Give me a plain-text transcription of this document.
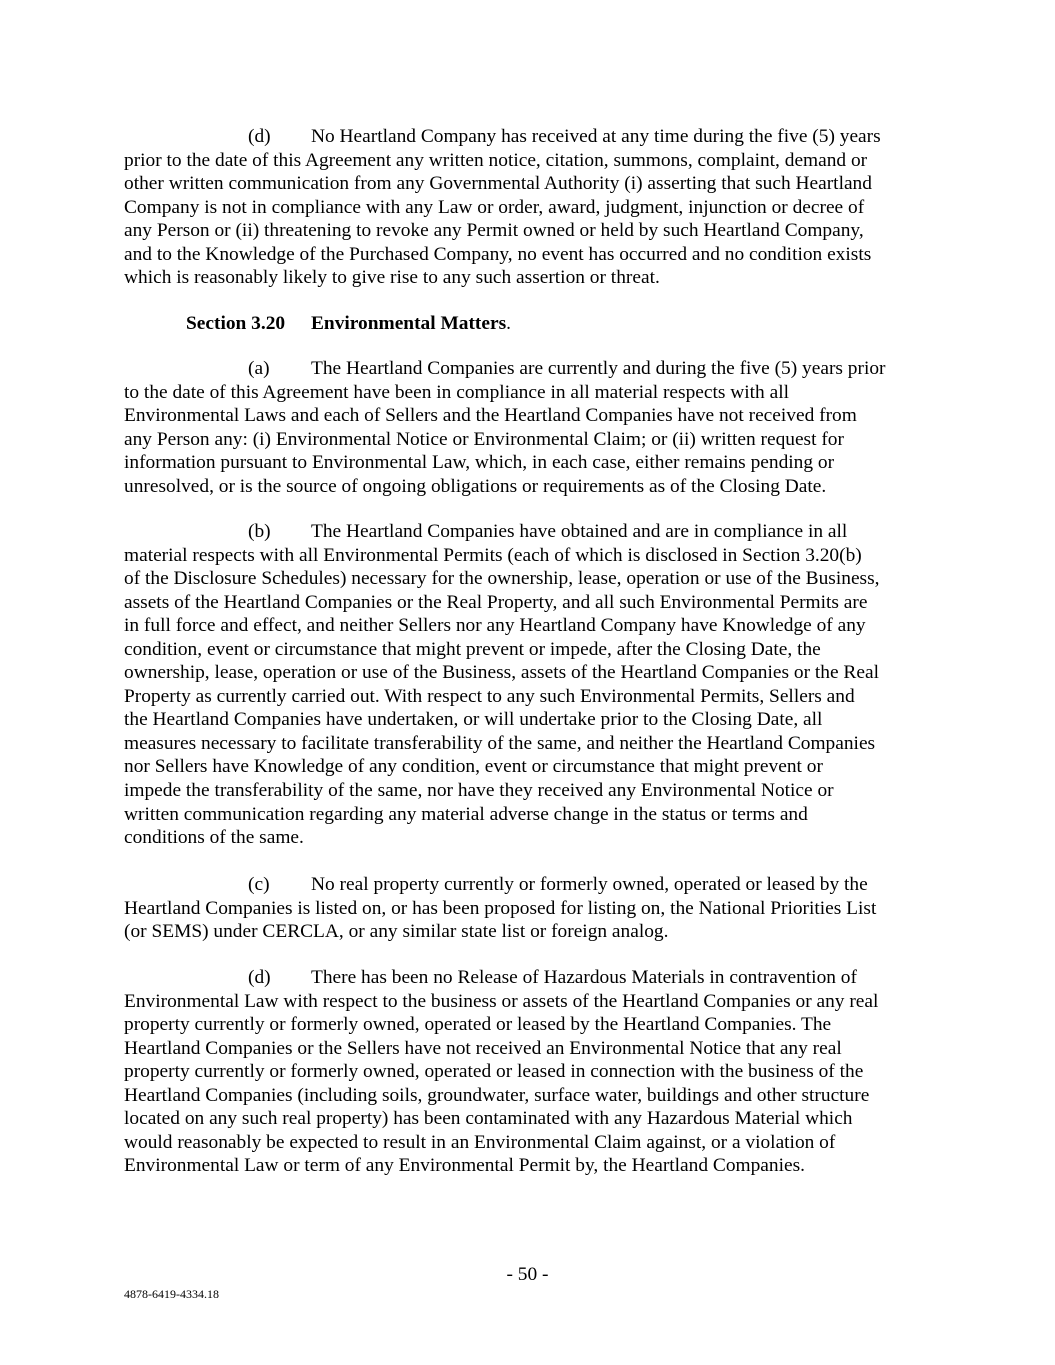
(d) No Heartland Company has received at any time during the five (5) years
prior to the date of this Agreement any written notice, citation, summons, complaint, demand or
other written communication from any Governmental Authority (i) asserting that such Heartland
Company is not in compliance with any Law or order, award, judgment, injunction or decree of
any Person or (ii) threatening to revoke any Permit owned or held by such Heartland Company,
and to the Knowledge of the Purchased Company, no event has occurred and no condition exists
which is reasonably likely to give rise to any such assertion or threat.
Section 3.20 Environmental Matters.
(a) The Heartland Companies are currently and during the five (5) years prior
to the date of this Agreement have been in compliance in all material respects with all
Environmental Laws and each of Sellers and the Heartland Companies have not received from
any Person any: (i) Environmental Notice or Environmental Claim; or (ii) written request for
information pursuant to Environmental Law, which, in each case, either remains pending or
unresolved, or is the source of ongoing obligations or requirements as of the Closing Date.
(b) The Heartland Companies have obtained and are in compliance in all
material respects with all Environmental Permits (each of which is disclosed in Section 3.20(b)
of the Disclosure Schedules) necessary for the ownership, lease, operation or use of the Business,
assets of the Heartland Companies or the Real Property, and all such Environmental Permits are
in full force and effect, and neither Sellers nor any Heartland Company have Knowledge of any
condition, event or circumstance that might prevent or impede, after the Closing Date, the
ownership, lease, operation or use of the Business, assets of the Heartland Companies or the Real
Property as currently carried out. With respect to any such Environmental Permits, Sellers and
the Heartland Companies have undertaken, or will undertake prior to the Closing Date, all
measures necessary to facilitate transferability of the same, and neither the Heartland Companies
nor Sellers have Knowledge of any condition, event or circumstance that might prevent or
impede the transferability of the same, nor have they received any Environmental Notice or
written communication regarding any material adverse change in the status or terms and
conditions of the same.
(c) No real property currently or formerly owned, operated or leased by the
Heartland Companies is listed on, or has been proposed for listing on, the National Priorities List
(or SEMS) under CERCLA, or any similar state list or foreign analog.
(d) There has been no Release of Hazardous Materials in contravention of
Environmental Law with respect to the business or assets of the Heartland Companies or any real
property currently or formerly owned, operated or leased by the Heartland Companies. The
Heartland Companies or the Sellers have not received an Environmental Notice that any real
property currently or formerly owned, operated or leased in connection with the business of the
Heartland Companies (including soils, groundwater, surface water, buildings and other structure
located on any such real property) has been contaminated with any Hazardous Material which
would reasonably be expected to result in an Environmental Claim against, or a violation of
Environmental Law or term of any Environmental Permit by, the Heartland Companies.
- 50 -
4878-6419-4334.18
